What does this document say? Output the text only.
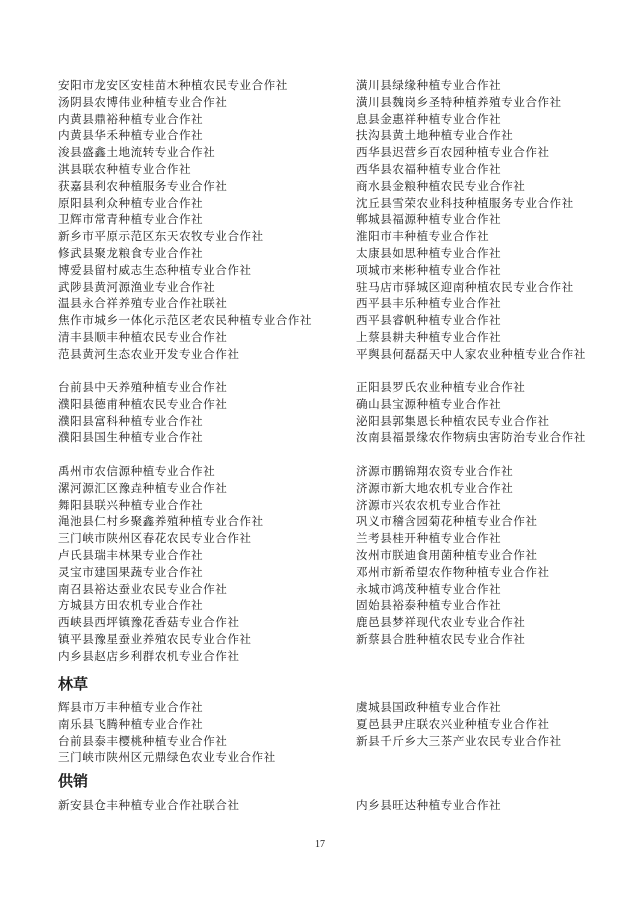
安阳市龙安区安桂苗木种植农民专业合作社
汤阴县农博伟业种植专业合作社
内黄县鼎裕种植专业合作社
内黄县华禾种植专业合作社
浚县盛鑫土地流转专业合作社
淇县联农种植专业合作社
获嘉县利农种植服务专业合作社
原阳县利众种植专业合作社
卫辉市常青种植专业合作社
新乡市平原示范区东天农牧专业合作社
修武县聚龙粮食专业合作社
博爱县留村威志生态种植专业合作社
武陟县黄河源渔业专业合作社
温县永合祥养殖专业合作社联社
焦作市城乡一体化示范区老农民种植专业合作社
清丰县顺丰种植农民专业合作社
范县黄河生态农业开发专业合作社
潢川县绿缘种植专业合作社
潢川县魏岗乡圣特种植养殖专业合作社
息县金惠祥种植专业合作社
扶沟县黄土地种植专业合作社
西华县迟营乡百农园种植专业合作社
西华县农福种植专业合作社
商水县金粮种植农民专业合作社
沈丘县雪荣农业科技种植服务专业合作社
郸城县福源种植专业合作社
淮阳市丰种植专业合作社
太康县如思种植专业合作社
项城市来彬种植专业合作社
驻马店市驿城区迎南种植农民专业合作社
西平县丰乐种植专业合作社
西平县睿帆种植专业合作社
上蔡县耕夫种植专业合作社
平舆县何磊磊天中人家农业种植专业合作社
台前县中天养殖种植专业合作社
濮阳县德甫种植农民专业合作社
濮阳县富科种植专业合作社
濮阳县国生种植专业合作社
正阳县罗氏农业种植专业合作社
确山县宝源种植专业合作社
泌阳县郭集恩长种植农民专业合作社
汝南县福景缘农作物病虫害防治专业合作社
禹州市农信源种植专业合作社
漯河源汇区豫垚种植专业合作社
舞阳县联兴种植专业合作社
渑池县仁村乡聚鑫养殖种植专业合作社
三门峡市陕州区春花农民专业合作社
卢氏县瑞丰林果专业合作社
灵宝市建国果蔬专业合作社
南召县裕达蚕业农民专业合作社
方城县方田农机专业合作社
西峡县西坪镇豫花香菇专业合作社
镇平县豫星蚕业养殖农民专业合作社
内乡县赵店乡利群农机专业合作社
济源市鹏锦翔农资专业合作社
济源市新大地农机专业合作社
济源市兴农农机专业合作社
巩义市稽含园菊花种植专业合作社
兰考县桂开种植专业合作社
汝州市朕迪食用菌种植专业合作社
邓州市新希望农作物种植专业合作社
永城市鸿茂种植专业合作社
固始县裕泰种植专业合作社
鹿邑县梦祥现代农业专业合作社
新蔡县合胜种植农民专业合作社
林草
辉县市万丰种植专业合作社
南乐县飞腾种植专业合作社
台前县泰丰樱桃种植专业合作社
三门峡市陕州区元鼎绿色农业专业合作社
虞城县国政种植专业合作社
夏邑县尹庄联农兴业种植专业合作社
新县千斤乡大三茶产业农民专业合作社
供销
新安县仓丰种植专业合作社联合社	内乡县旺达种植专业合作社
17
